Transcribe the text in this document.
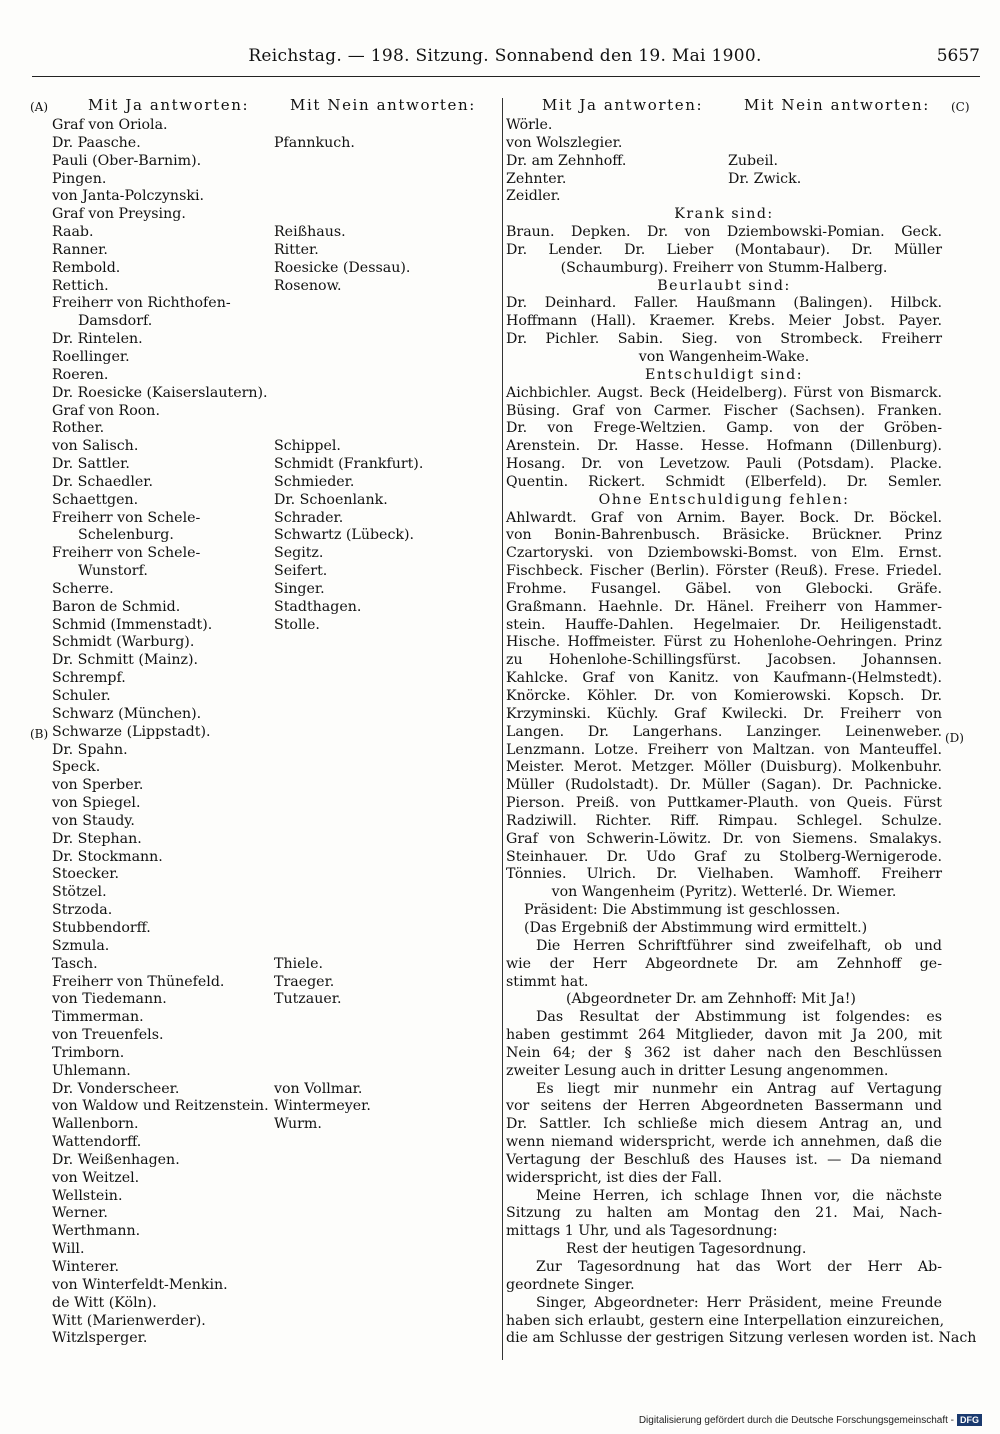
Reichstag. — 198. Sitzung. Sonnabend den 19. Mai 1900.	5657
(A)
(B)
(C)
(D)
Mit Ja antworten:	Mit Nein antworten:
Graf von Oriola.
Dr. Paasche.	Pfannkuch.
Pauli (Ober-Barnim).
Pingen.
von Janta-Polczynski.
Graf von Preysing.
Raab.	Reißhaus.
Ranner.	Ritter.
Rembold.	Roesicke (Dessau).
Rettich.	Rosenow.
Freiherr von Richthofen-
Damsdorf.
Dr. Rintelen.
Roellinger.
Roeren.
Dr. Roesicke (Kaiserslautern).
Graf von Roon.
Rother.
von Salisch.	Schippel.
Dr. Sattler.	Schmidt (Frankfurt).
Dr. Schaedler.	Schmieder.
Schaettgen.	Dr. Schoenlank.
Freiherr von Schele-	Schrader.
Schelenburg.	Schwartz (Lübeck).
Freiherr von Schele-	Segitz.
Wunstorf.	Seifert.
Scherre.	Singer.
Baron de Schmid.	Stadthagen.
Schmid (Immenstadt).	Stolle.
Schmidt (Warburg).
Dr. Schmitt (Mainz).
Schrempf.
Schuler.
Schwarz (München).
Schwarze (Lippstadt).
Dr. Spahn.
Speck.
von Sperber.
von Spiegel.
von Staudy.
Dr. Stephan.
Dr. Stockmann.
Stoecker.
Stötzel.
Strzoda.
Stubbendorff.
Szmula.
Tasch.	Thiele.
Freiherr von Thünefeld.	Traeger.
von Tiedemann.	Tutzauer.
Timmerman.
von Treuenfels.
Trimborn.
Uhlemann.
Dr. Vonderscheer.	von Vollmar.
von Waldow und Reitzenstein. Wintermeyer.
Wallenborn.	Wurm.
Wattendorff.
Dr. Weißenhagen.
von Weitzel.
Wellstein.
Werner.
Werthmann.
Will.
Winterer.
von Winterfeldt-Menkin.
de Witt (Köln).
Witt (Marienwerder).
Witzlsperger.
Mit Ja antworten:	Mit Nein antworten:
Wörle.
von Wolszlegier.
Dr. am Zehnhoff.	Zubeil.
Zehnter.	Dr. Zwick.
Zeidler.
Krank sind:
Braun. Depken. Dr. von Dziembowski-Pomian. Geck.
Dr. Lender. Dr. Lieber (Montabaur). Dr. Müller
(Schaumburg). Freiherr von Stumm-Halberg.
Beurlaubt sind:
Dr. Deinhard. Faller. Haußmann (Balingen). Hilbck.
Hoffmann (Hall). Kraemer. Krebs. Meier Jobst. Payer.
Dr. Pichler. Sabin. Sieg. von Strombeck. Freiherr
von Wangenheim-Wake.
Entschuldigt sind:
Aichbichler. Augst. Beck (Heidelberg). Fürst von Bismarck.
Büsing. Graf von Carmer. Fischer (Sachsen). Franken.
Dr. von Frege-Weltzien. Gamp. von der Gröben-
Arenstein. Dr. Hasse. Hesse. Hofmann (Dillenburg).
Hosang. Dr. von Levetzow. Pauli (Potsdam). Placke.
Quentin. Rickert. Schmidt (Elberfeld). Dr. Semler.
Ohne Entschuldigung fehlen:
Ahlwardt. Graf von Arnim. Bayer. Bock. Dr. Böckel.
von Bonin-Bahrenbusch. Bräsicke. Brückner. Prinz
Czartoryski. von Dziembowski-Bomst. von Elm. Ernst.
Fischbeck. Fischer (Berlin). Förster (Reuß). Frese. Friedel.
Frohme. Fusangel. Gäbel. von Glebocki. Gräfe.
Graßmann. Haehnle. Dr. Hänel. Freiherr von Hammer-
stein. Hauffe-Dahlen. Hegelmaier. Dr. Heiligenstadt.
Hische. Hoffmeister. Fürst zu Hohenlohe-Oehringen. Prinz
zu Hohenlohe-Schillingsfürst. Jacobsen. Johannsen.
Kahlcke. Graf von Kanitz. von Kaufmann-(Helmstedt).
Knörcke. Köhler. Dr. von Komierowski. Kopsch. Dr.
Krzyminski. Küchly. Graf Kwilecki. Dr. Freiherr von
Langen. Dr. Langerhans. Lanzinger. Leinenweber.
Lenzmann. Lotze. Freiherr von Maltzan. von Manteuffel.
Meister. Merot. Metzger. Möller (Duisburg). Molkenbuhr.
Müller (Rudolstadt). Dr. Müller (Sagan). Dr. Pachnicke.
Pierson. Preiß. von Puttkamer-Plauth. von Queis. Fürst
Radziwill. Richter. Riff. Rimpau. Schlegel. Schulze.
Graf von Schwerin-Löwitz. Dr. von Siemens. Smalakys.
Steinhauer. Dr. Udo Graf zu Stolberg-Wernigerode.
Tönnies. Ulrich. Dr. Vielhaben. Wamhoff. Freiherr
von Wangenheim (Pyritz). Wetterlé. Dr. Wiemer.
Präsident: Die Abstimmung ist geschlossen.
(Das Ergebniß der Abstimmung wird ermittelt.)
Die Herren Schriftführer sind zweifelhaft, ob und
wie der Herr Abgeordnete Dr. am Zehnhoff ge-
stimmt hat.
(Abgeordneter Dr. am Zehnhoff: Mit Ja!)
Das Resultat der Abstimmung ist folgendes: es
haben gestimmt 264 Mitglieder, davon mit Ja 200, mit
Nein 64; der § 362 ist daher nach den Beschlüssen
zweiter Lesung auch in dritter Lesung angenommen.
Es liegt mir nunmehr ein Antrag auf Vertagung
vor seitens der Herren Abgeordneten Bassermann und
Dr. Sattler. Ich schließe mich diesem Antrag an, und
wenn niemand widerspricht, werde ich annehmen, daß die
Vertagung der Beschluß des Hauses ist. — Da niemand
widerspricht, ist dies der Fall.
Meine Herren, ich schlage Ihnen vor, die nächste
Sitzung zu halten am Montag den 21. Mai, Nach-
mittags 1 Uhr, und als Tagesordnung:
Rest der heutigen Tagesordnung.
Zur Tagesordnung hat das Wort der Herr Ab-
geordnete Singer.
Singer, Abgeordneter: Herr Präsident, meine Freunde
haben sich erlaubt, gestern eine Interpellation einzureichen,
die am Schlusse der gestrigen Sitzung verlesen worden ist. Nach
Digitalisierung gefördert durch die Deutsche Forschungsgemeinschaft - DFG
